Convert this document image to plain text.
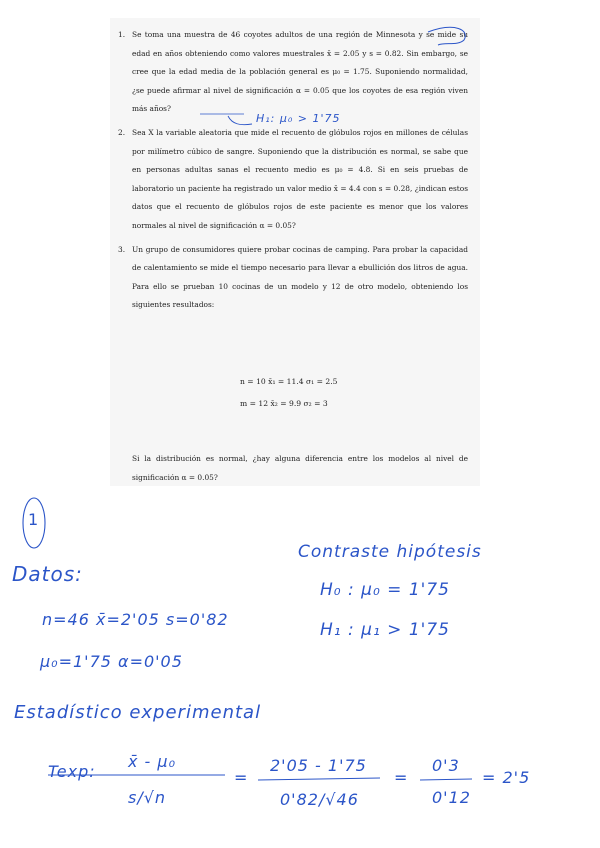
1. Se toma una muestra de 46 coyotes adultos de una región de Minnesota y se mide su edad en años obteniendo como valores muestrales x̄ = 2.05 y s = 0.82. Sin embargo, se cree que la edad media de la población general es μ₀ = 1.75. Suponiendo normalidad, ¿se puede afirmar al nivel de significación α = 0.05 que los coyotes de esa región viven más años?
2. Sea X la variable aleatoria que mide el recuento de glóbulos rojos en millones de células por milímetro cúbico de sangre. Suponiendo que la distribución es normal, se sabe que en personas adultas sanas el recuento medio es μ₀ = 4.8. Si en seis pruebas de laboratorio un paciente ha registrado un valor medio x̄ = 4.4 con s = 0.28, ¿indican estos datos que el recuento de glóbulos rojos de este paciente es menor que los valores normales al nivel de significación α = 0.05?
3. Un grupo de consumidores quiere probar cocinas de camping. Para probar la capacidad de calentamiento se mide el tiempo necesario para llevar a ebullición dos litros de agua. Para ello se prueban 10 cocinas de un modelo y 12 de otro modelo, obteniendo los siguientes resultados:
n = 10 x̄₁ = 11.4 σ₁ = 2.5
m = 12 x̄₂ = 9.9 σ₂ = 3
Si la distribución es normal, ¿hay alguna diferencia entre los modelos al nivel de significación α = 0.05?
H₁: μ₀ > 1'75
1
Datos:
n=46 x̄=2'05 s=0'82
μ₀=1'75 α=0'05
Contraste hipótesis
H₀ : μ₀ = 1'75
H₁ : μ₁ > 1'75
Estadístico experimental
Texp:
x̄ - μ₀
s/√n
=
2'05 - 1'75
0'82/√46
=
0'3
0'12
= 2'5
